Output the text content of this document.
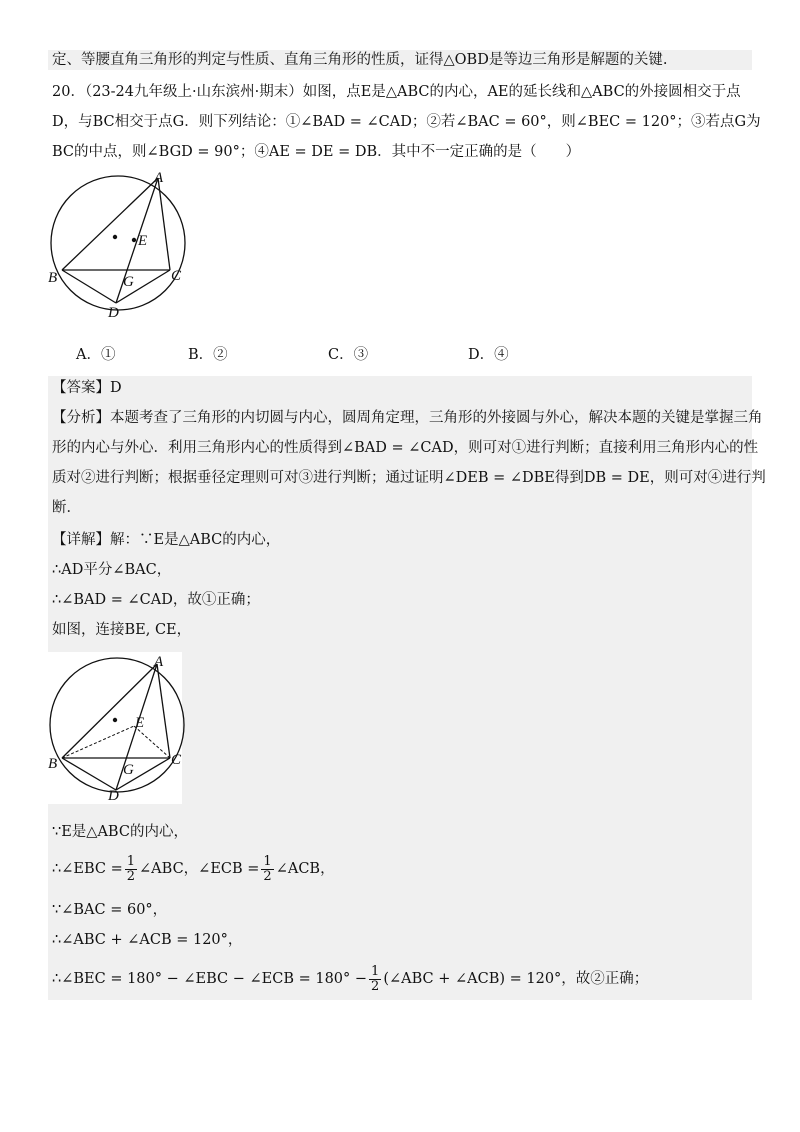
定、等腰直角三角形的判定与性质、直角三角形的性质，证得△OBD是等边三角形是解题的关键.
20．（23-24九年级上·山东滨州·期末）如图，点E是△ABC的内心，AE的延长线和△ABC的外接圆相交于点
D，与BC相交于点G．则下列结论：①∠BAD = ∠CAD；②若∠BAC = 60°，则∠BEC = 120°；③若点G为
BC的中点，则∠BGD = 90°；④AE = DE = DB．其中不一定正确的是（　　）
A
E
B	C
G
D
A．①	B．②	C．③	D．④
【答案】D
【分析】本题考查了三角形的内切圆与内心，圆周角定理，三角形的外接圆与外心，解决本题的关键是掌握三角
形的内心与外心．利用三角形内心的性质得到∠BAD = ∠CAD，则可对①进行判断；直接利用三角形内心的性
质对②进行判断；根据垂径定理则可对③进行判断；通过证明∠DEB = ∠DBE得到DB = DE，则可对④进行判
断．
【详解】解：∵E是△ABC的内心，
∴AD平分∠BAC，
∴∠BAD = ∠CAD，故①正确；
如图，连接BE, CE，
A
E
B	C
G
D
∵E是△ABC的内心，
∴∠EBC = $\frac{1}{2}$ ∠ABC，∠ECB = $\frac{1}{2}$ ∠ACB，
∵∠BAC = 60°，
∴∠ABC + ∠ACB = 120°，
∴∠BEC = 180° − ∠EBC − ∠ECB = $180^\circ - \frac{1}{2}$ (∠ABC + ∠ACB) = 120°，故②正确；
